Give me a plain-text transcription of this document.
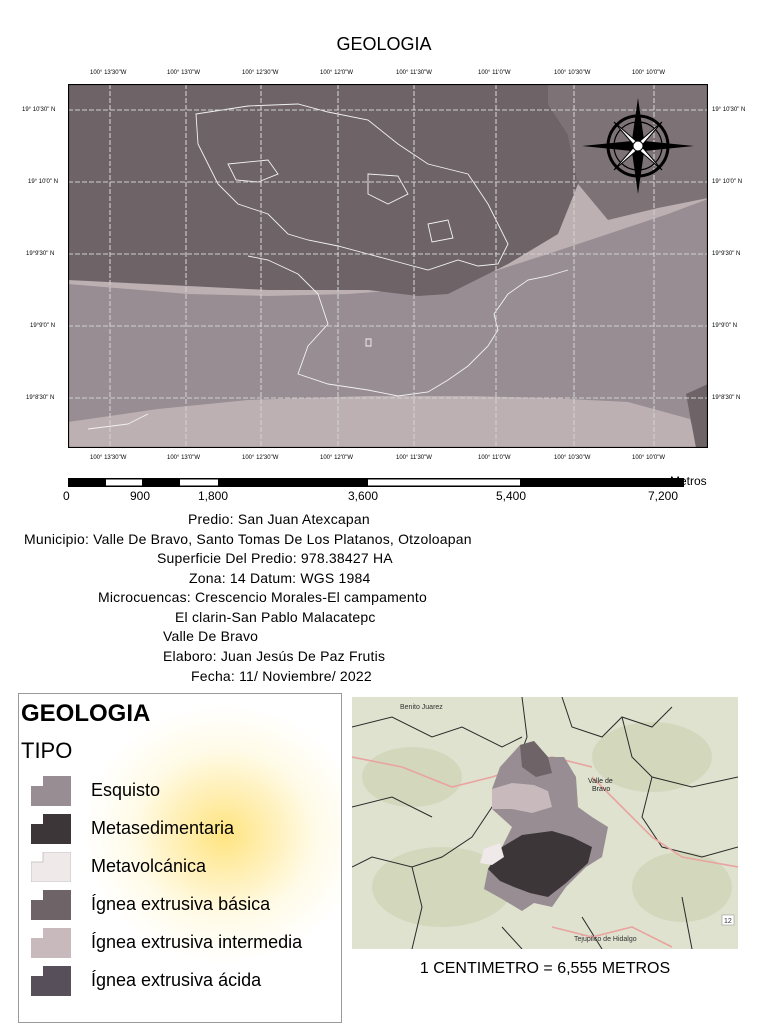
GEOLOGIA
100° 13'30"W	100° 13'0"W	100° 12'30"W	100° 12'0"W	100° 11'30"W	100° 11'0"W	100° 10'30"W	100° 10'0"W
100° 13'30"W	100° 13'0"W	100° 12'30"W	100° 12'0"W	100° 11'30"W	100° 11'0"W	100° 10'30"W	100° 10'0"W
19° 10'30" N
19° 10'0" N
19°9'30" N
19°9'0" N
19°8'30" N
19° 10'30" N
19° 10'0" N
19°9'30" N
19°9'0" N
19°8'30" N
Metros
0	900	1,800	3,600	5,400	7,200
Predio: San Juan Atexcapan
Municipio: Valle De Bravo, Santo Tomas De Los Platanos, Otzoloapan
Superficie Del Predio: 978.38427 HA
Zona: 14 Datum: WGS 1984
Microcuencas: Crescencio Morales-El campamento
El clarin-San Pablo Malacatepc
Valle De Bravo
Elaboro: Juan Jesús De Paz Frutis
Fecha: 11/ Noviembre/ 2022
GEOLOGIA
TIPO
Esquisto
Metasedimentaria
Metavolcánica
Ígnea extrusiva básica
Ígnea extrusiva intermedia
Ígnea extrusiva ácida
Benito Juarez
Valle de Bravo
Tejupilco de Hidalgo
12
1 CENTIMETRO = 6,555 METROS
